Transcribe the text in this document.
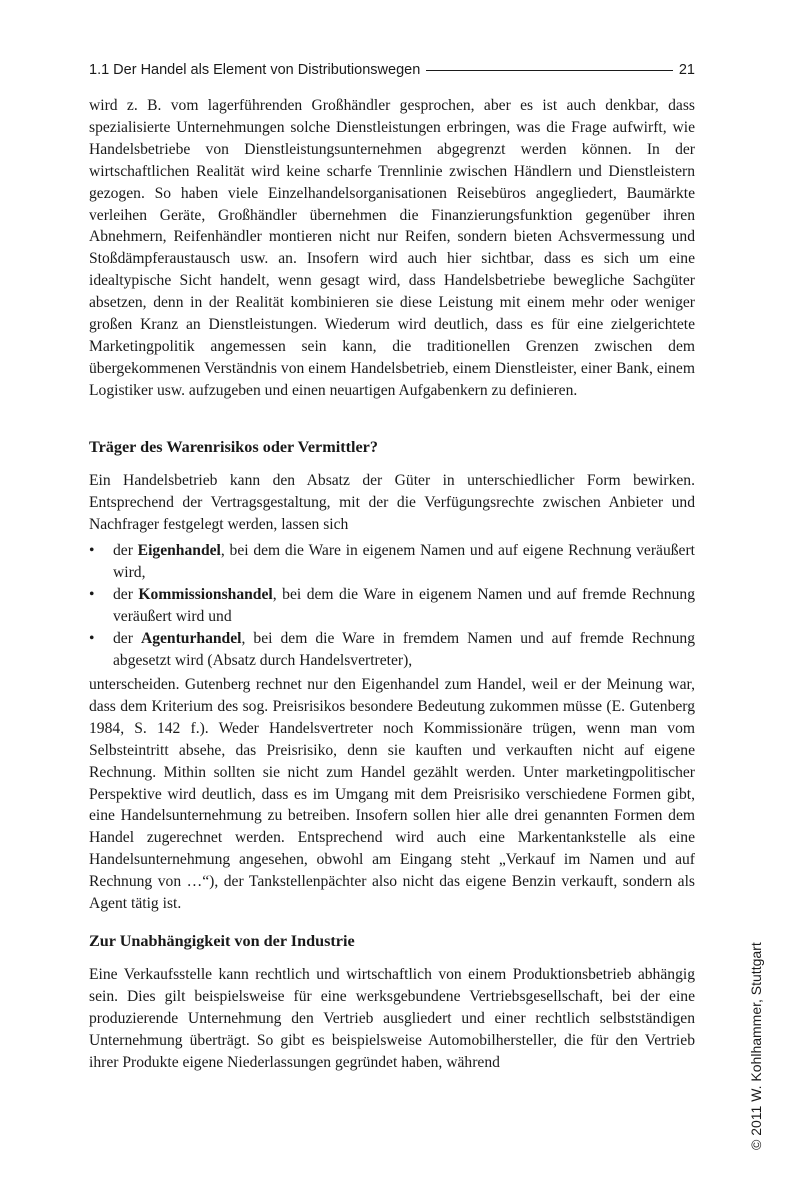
1.1 Der Handel als Element von Distributionswegen	21

wird z. B. vom lagerführenden Großhändler gesprochen, aber es ist auch denkbar, dass spezialisierte Unternehmungen solche Dienstleistungen erbringen, was die Frage aufwirft, wie Handelsbetriebe von Dienstleistungsunternehmen abgegrenzt werden können. In der wirtschaftlichen Realität wird keine scharfe Trennlinie zwischen Händlern und Dienstleistern gezogen. So haben viele Einzelhandelsorganisationen Reisebüros angegliedert, Baumärkte verleihen Geräte, Großhändler übernehmen die Finanzierungsfunktion gegenüber ihren Abnehmern, Reifenhändler montieren nicht nur Reifen, sondern bieten Achsvermessung und Stoßdämpferaustausch usw. an. Insofern wird auch hier sichtbar, dass es sich um eine idealtypische Sicht handelt, wenn gesagt wird, dass Handelsbetriebe bewegliche Sachgüter absetzen, denn in der Realität kombinieren sie diese Leistung mit einem mehr oder weniger großen Kranz an Dienstleistungen. Wiederum wird deutlich, dass es für eine zielgerichtete Marketingpolitik angemessen sein kann, die traditionellen Grenzen zwischen dem übergekommenen Verständnis von einem Handelsbetrieb, einem Dienstleister, einer Bank, einem Logistiker usw. aufzugeben und einen neuartigen Aufgabenkern zu definieren.

Träger des Warenrisikos oder Vermittler?

Ein Handelsbetrieb kann den Absatz der Güter in unterschiedlicher Form bewirken. Entsprechend der Vertragsgestaltung, mit der die Verfügungsrechte zwischen Anbieter und Nachfrager festgelegt werden, lassen sich

• der Eigenhandel, bei dem die Ware in eigenem Namen und auf eigene Rechnung veräußert wird,
• der Kommissionshandel, bei dem die Ware in eigenem Namen und auf fremde Rechnung veräußert wird und
• der Agenturhandel, bei dem die Ware in fremdem Namen und auf fremde Rechnung abgesetzt wird (Absatz durch Handelsvertreter),

unterscheiden. Gutenberg rechnet nur den Eigenhandel zum Handel, weil er der Meinung war, dass dem Kriterium des sog. Preisrisikos besondere Bedeutung zukommen müsse (E. Gutenberg 1984, S. 142 f.). Weder Handelsvertreter noch Kommissionäre trügen, wenn man vom Selbsteintritt absehe, das Preisrisiko, denn sie kauften und verkauften nicht auf eigene Rechnung. Mithin sollten sie nicht zum Handel gezählt werden. Unter marketingpolitischer Perspektive wird deutlich, dass es im Umgang mit dem Preisrisiko verschiedene Formen gibt, eine Handelsunternehmung zu betreiben. Insofern sollen hier alle drei genannten Formen dem Handel zugerechnet werden. Entsprechend wird auch eine Markentankstelle als eine Handelsunternehmung angesehen, obwohl am Eingang steht „Verkauf im Namen und auf Rechnung von …“), der Tankstellenpächter also nicht das eigene Benzin verkauft, sondern als Agent tätig ist.

Zur Unabhängigkeit von der Industrie

Eine Verkaufsstelle kann rechtlich und wirtschaftlich von einem Produktionsbetrieb abhängig sein. Dies gilt beispielsweise für eine werksgebundene Vertriebsgesellschaft, bei der eine produzierende Unternehmung den Vertrieb ausgliedert und einer rechtlich selbstständigen Unternehmung überträgt. So gibt es beispielsweise Automobilhersteller, die für den Vertrieb ihrer Produkte eigene Niederlassungen gegründet haben, während	© 2011 W. Kohlhammer, Stuttgart
